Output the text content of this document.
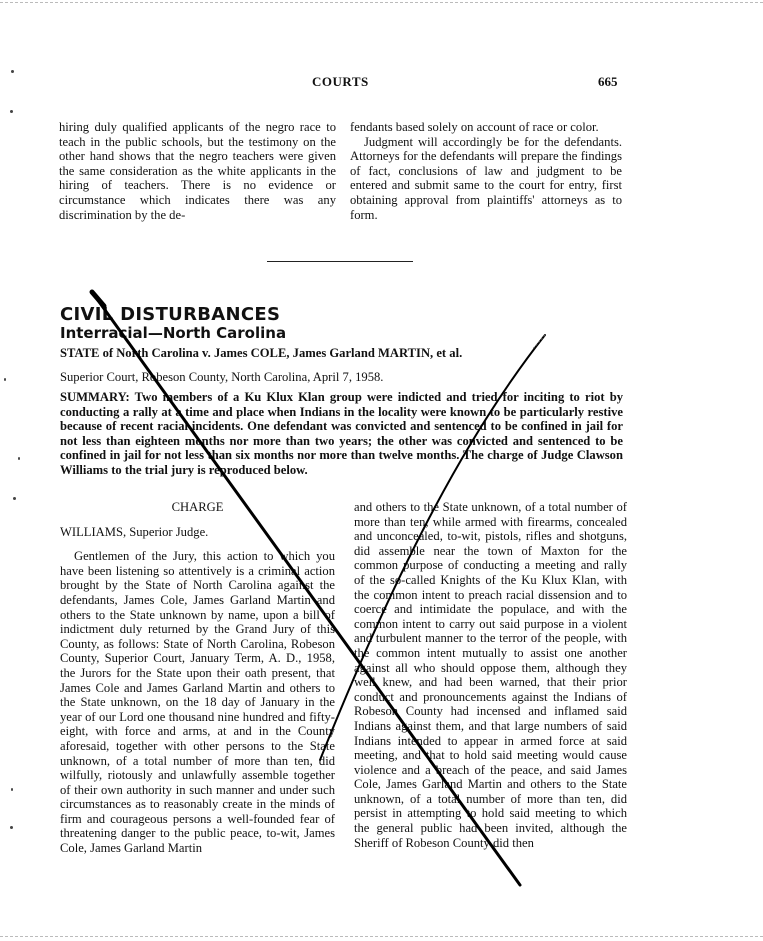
COURTS	665

hiring duly qualified applicants of the negro race to teach in the public schools, but the testimony on the other hand shows that the negro teachers were given the same consideration as the white applicants in the hiring of teachers. There is no evidence or circumstance which indicates there was any discrimination by the de-

fendants based solely on account of race or color.

Judgment will accordingly be for the defendants. Attorneys for the defendants will prepare the findings of fact, conclusions of law and judgment to be entered and submit same to the court for entry, first obtaining approval from plaintiffs' attorneys as to form.

CIVIL DISTURBANCES
Interracial—North Carolina
STATE of North Carolina v. James COLE, James Garland MARTIN, et al.
Superior Court, Robeson County, North Carolina, April 7, 1958.
SUMMARY: Two members of a Ku Klux Klan group were indicted and tried for inciting to riot by conducting a rally at a time and place when Indians in the locality were known to be particularly restive because of recent racial incidents. One defendant was convicted and sentenced to be confined in jail for not less than eighteen months nor more than two years; the other was convicted and sentenced to be confined in jail for not less than six months nor more than twelve months. The charge of Judge Clawson Williams to the trial jury is reproduced below.

CHARGE

WILLIAMS, Superior Judge.

Gentlemen of the Jury, this action to which you have been listening so attentively is a criminal action brought by the State of North Carolina against the defendants, James Cole, James Garland Martin and others to the State unknown by name, upon a bill of indictment duly returned by the Grand Jury of this County, as follows: State of North Carolina, Robeson County, Superior Court, January Term, A. D., 1958, the Jurors for the State upon their oath present, that James Cole and James Garland Martin and others to the State unknown, on the 18 day of January in the year of our Lord one thousand nine hundred and fifty-eight, with force and arms, at and in the County aforesaid, together with other persons to the State unknown, of a total number of more than ten, did wilfully, riotously and unlawfully assemble together of their own authority in such manner and under such circumstances as to reasonably create in the minds of firm and courageous persons a well-founded fear of threatening danger to the public peace, to-wit, James Cole, James Garland Martin

and others to the State unknown, of a total number of more than ten, while armed with firearms, concealed and unconcealed, to-wit, pistols, rifles and shotguns, did assemble near the town of Maxton for the common purpose of conducting a meeting and rally of the so-called Knights of the Ku Klux Klan, with the common intent to preach racial dissension and to coerce and intimidate the populace, and with the common intent to carry out said purpose in a violent and turbulent manner to the terror of the people, with the common intent mutually to assist one another against all who should oppose them, although they well knew, and had been warned, that their prior conduct and pronouncements against the Indians of Robeson County had incensed and inflamed said Indians against them, and that large numbers of said Indians intended to appear in armed force at said meeting, and that to hold said meeting would cause violence and a breach of the peace, and said James Cole, James Garland Martin and others to the State unknown, of a total number of more than ten, did persist in attempting to hold said meeting to which the general public had been invited, although the Sheriff of Robeson County did then
